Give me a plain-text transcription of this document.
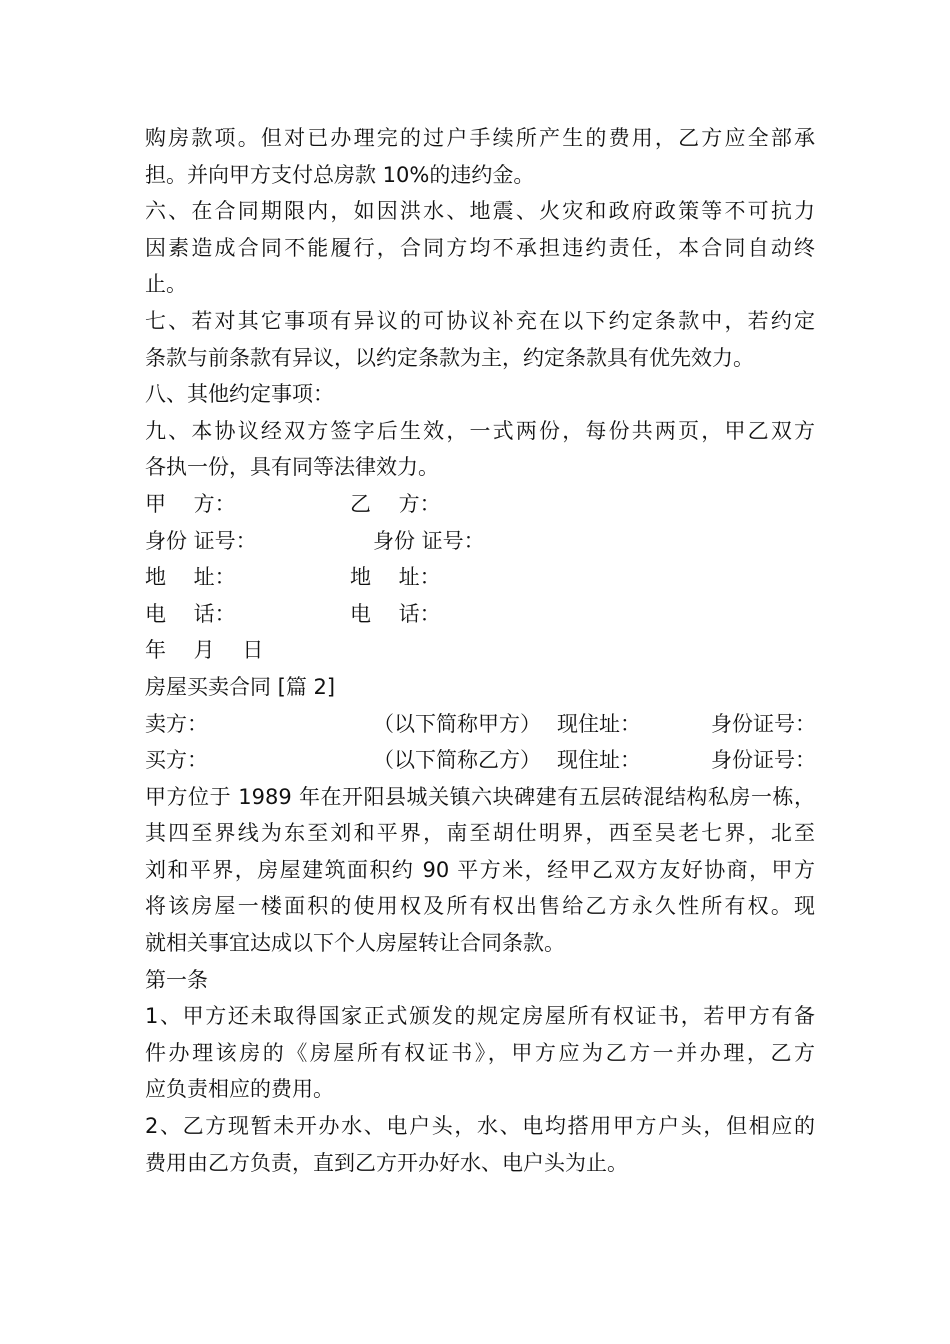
购房款项。但对已办理完的过户手续所产生的费用，乙方应全部承
担。并向甲方支付总房款 10%的违约金。
六、在合同期限内，如因洪水、地震、火灾和政府政策等不可抗力
因素造成合同不能履行，合同方均不承担违约责任，本合同自动终
止。
七、若对其它事项有异议的可协议补充在以下约定条款中，若约定
条款与前条款有异议，以约定条款为主，约定条款具有优先效力。
八、其他约定事项：
九、本协议经双方签字后生效，一式两份，每份共两页，甲乙双方
各执一份，具有同等法律效力。
甲　 方：	乙　 方：
身份 证号：	身份 证号：
地　 址：	地　 址：
电　 话：	电　 话：
年　 月　 日
房屋买卖合同 [篇 2]
卖方：	（以下简称甲方） 现住址：	身份证号：
买方：	（以下简称乙方） 现住址：	身份证号：
甲方位于 1989 年在开阳县城关镇六块碑建有五层砖混结构私房一栋，
其四至界线为东至刘和平界，南至胡仕明界，西至吴老七界，北至
刘和平界，房屋建筑面积约 90 平方米，经甲乙双方友好协商，甲方
将该房屋一楼面积的使用权及所有权出售给乙方永久性所有权。现
就相关事宜达成以下个人房屋转让合同条款。
第一条
1、甲方还未取得国家正式颁发的规定房屋所有权证书，若甲方有备
件办理该房的《房屋所有权证书》，甲方应为乙方一并办理，乙方
应负责相应的费用。
2、乙方现暂未开办水、电户头，水、电均搭用甲方户头，但相应的
费用由乙方负责，直到乙方开办好水、电户头为止。
